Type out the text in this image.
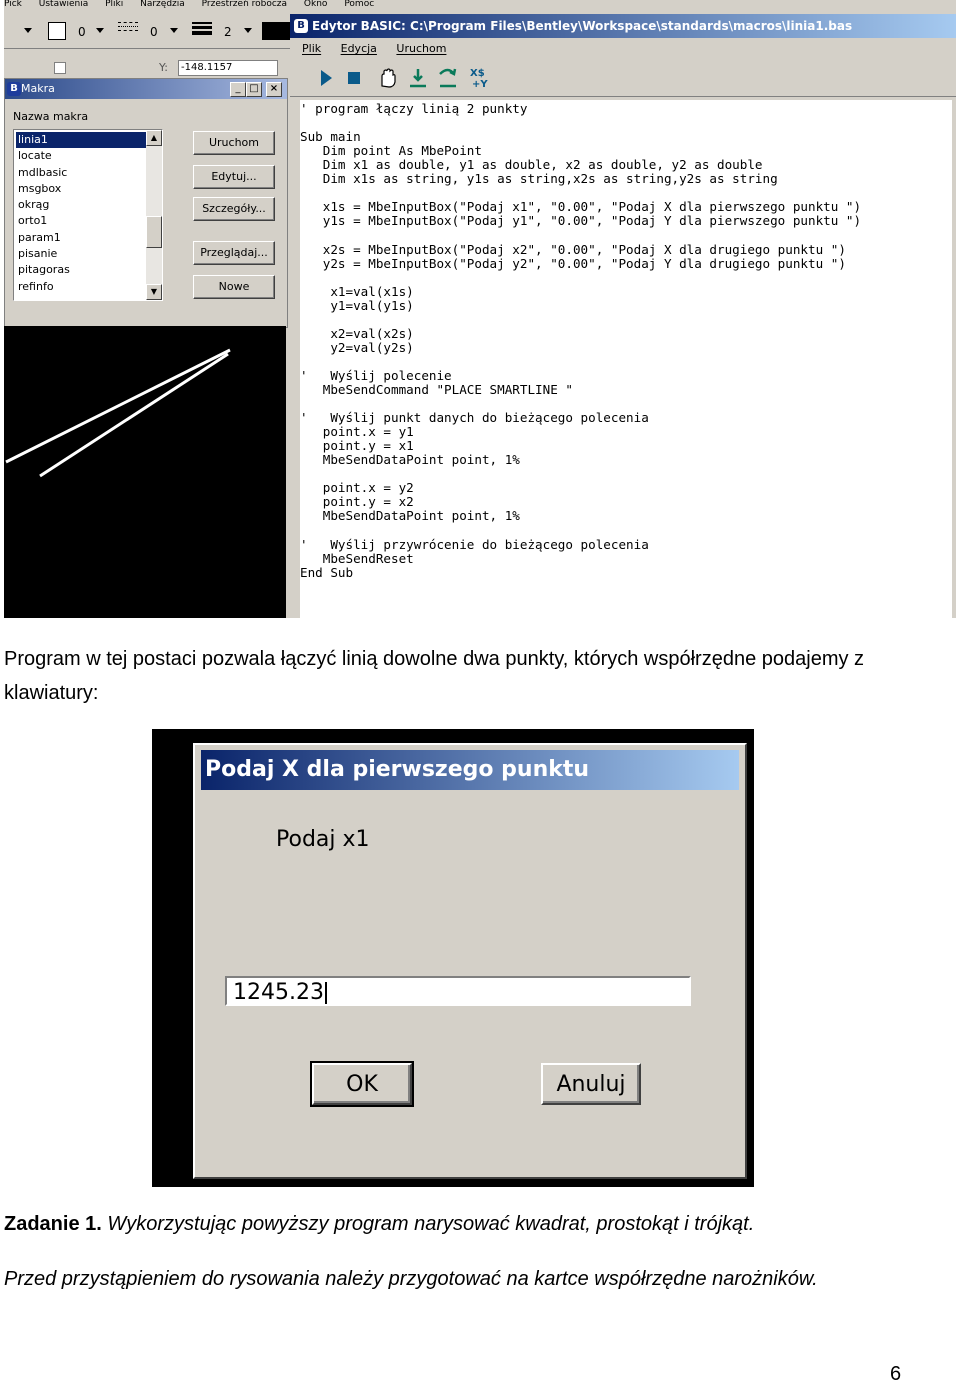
Pick Ustawienia Pliki Narzędzia Przestrzeń robocza Okno Pomoc
0	0	2
Y:	-148.1157
B Makra	_ □	×
Nazwa makra
linia1
locate
mdlbasic
msgbox
okrąg
orto1
param1
pisanie
pitagoras
refinfo
▲
▼
Uruchom
Edytuj...
Szczegóły...
Przeglądaj...
Nowe
B Edytor BASIC: C:\Program Files\Bentley\Workspace\standards\macros\linia1.bas
Plik Edycja Uruchom
X$
+Y
' program łączy linią 2 punkty
Sub main
Dim point As MbePoint
Dim x1 as double, y1 as double, x2 as double, y2 as double
Dim x1s as string, y1s as string,x2s as string,y2s as string
x1s = MbeInputBox("Podaj x1", "0.00", "Podaj X dla pierwszego punktu ")
y1s = MbeInputBox("Podaj y1", "0.00", "Podaj Y dla pierwszego punktu ")
x2s = MbeInputBox("Podaj x2", "0.00", "Podaj X dla drugiego punktu ")
y2s = MbeInputBox("Podaj y2", "0.00", "Podaj Y dla drugiego punktu ")
x1=val(x1s)
y1=val(y1s)
x2=val(x2s)
y2=val(y2s)
'   Wyślij polecenie
MbeSendCommand "PLACE SMARTLINE "
'   Wyślij punkt danych do bieżącego polecenia
point.x = y1
point.y = x1
MbeSendDataPoint point, 1%
point.x = y2
point.y = x2
MbeSendDataPoint point, 1%
'   Wyślij przywrócenie do bieżącego polecenia
MbeSendReset
End Sub
Program w tej postaci pozwala łączyć linią dowolne dwa punkty, których współrzędne podajemy z klawiatury:
Podaj X dla pierwszego punktu
Podaj x1
1245.23
OK	Anuluj
Zadanie 1. Wykorzystując powyższy program narysować kwadrat, prostokąt i trójkąt.
Przed przystąpieniem do rysowania należy przygotować na kartce współrzędne narożników.
6
